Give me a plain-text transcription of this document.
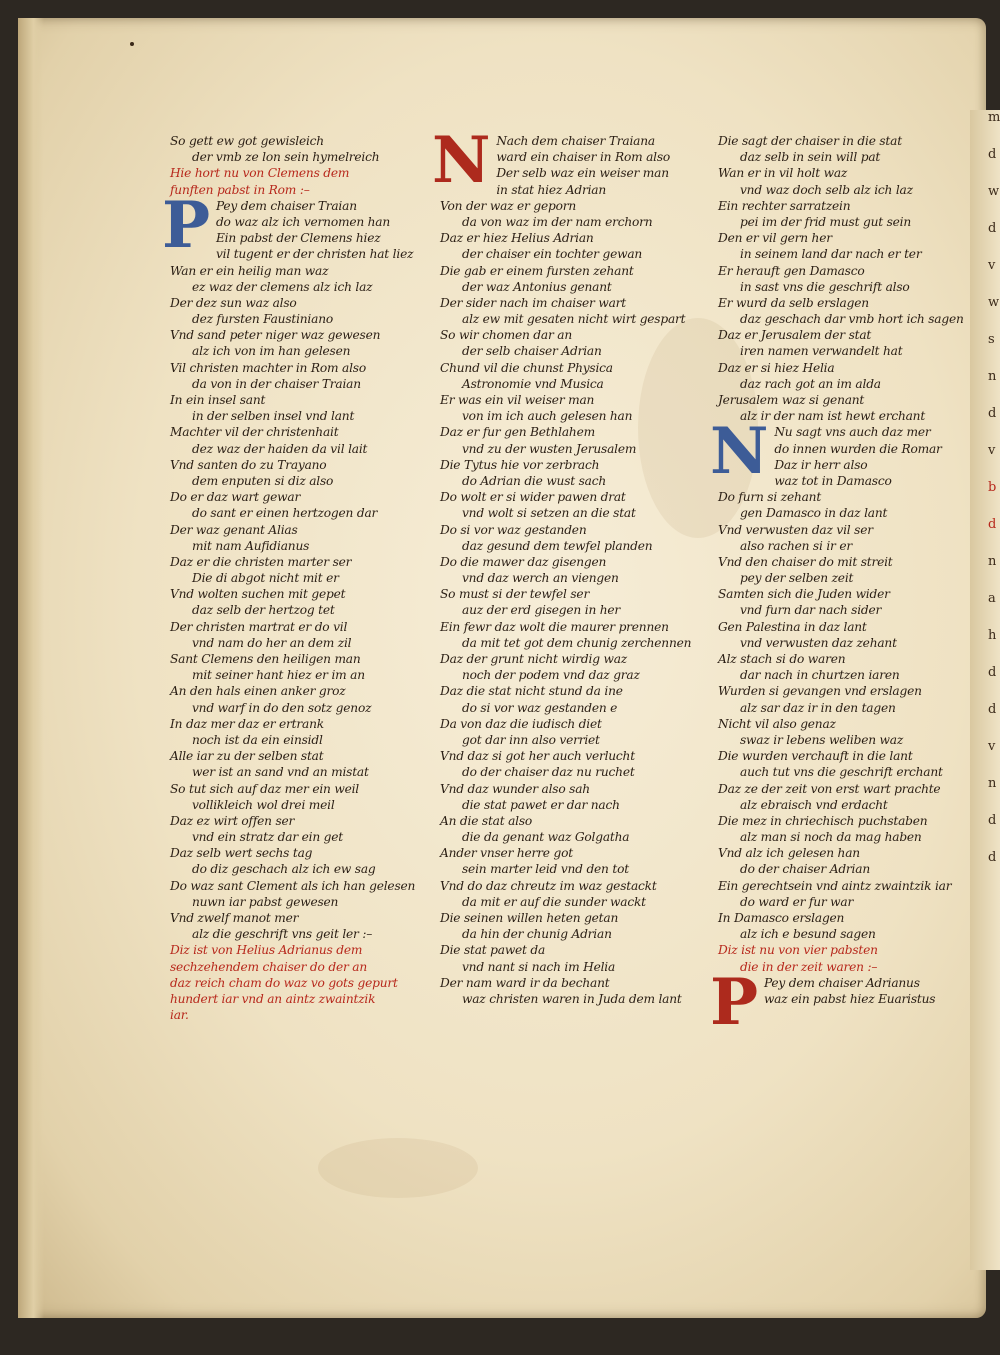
m
d
w
d
v
w
s
n
d
v
b
d
n
a
h
d
d
v
n
d
d
So gett ew got gewisleich
der vmb ze lon sein hymelreich
Hie hort nu von Clemens dem
funften pabst in Rom :–
P Pey dem chaiser Traian
do waz alz ich vernomen han
Ein pabst der Clemens hiez
vil tugent er der christen hat liez
Wan er ein heilig man waz
ez waz der clemens alz ich laz
Der dez sun waz also
dez fursten Faustiniano
Vnd sand peter niger waz gewesen
alz ich von im han gelesen
Vil christen machter in Rom also
da von in der chaiser Traian
In ein insel sant
in der selben insel vnd lant
Machter vil der christenhait
dez waz der haiden da vil lait
Vnd santen do zu Trayano
dem enputen si diz also
Do er daz wart gewar
do sant er einen hertzogen dar
Der waz genant Alias
mit nam Aufidianus
Daz er die christen marter ser
Die di abgot nicht mit er
Vnd wolten suchen mit gepet
daz selb der hertzog tet
Der christen martrat er do vil
vnd nam do her an dem zil
Sant Clemens den heiligen man
mit seiner hant hiez er im an
An den hals einen anker groz
vnd warf in do den sotz genoz
In daz mer daz er ertrank
noch ist da ein einsidl
Alle iar zu der selben stat
wer ist an sand vnd an mistat
So tut sich auf daz mer ein weil
vollikleich wol drei meil
Daz ez wirt offen ser
vnd ein stratz dar ein get
Daz selb wert sechs tag
do diz geschach alz ich ew sag
Do waz sant Clement als ich han gelesen
nuwn iar pabst gewesen
Vnd zwelf manot mer
alz die geschrift vns geit ler :–
Diz ist von Helius Adrianus dem
sechzehendem chaiser do der an
daz reich cham do waz vo gots gepurt
hundert iar vnd an aintz zwaintzik
iar.
N Nach dem chaiser Traiana
ward ein chaiser in Rom also
Der selb waz ein weiser man
in stat hiez Adrian
Von der waz er geporn
da von waz im der nam erchorn
Daz er hiez Helius Adrian
der chaiser ein tochter gewan
Die gab er einem fursten zehant
der waz Antonius genant
Der sider nach im chaiser wart
alz ew mit gesaten nicht wirt gespart
So wir chomen dar an
der selb chaiser Adrian
Chund vil die chunst Physica
Astronomie vnd Musica
Er was ein vil weiser man
von im ich auch gelesen han
Daz er fur gen Bethlahem
vnd zu der wusten Jerusalem
Die Tytus hie vor zerbrach
do Adrian die wust sach
Do wolt er si wider pawen drat
vnd wolt si setzen an die stat
Do si vor waz gestanden
daz gesund dem tewfel planden
Do die mawer daz gisengen
vnd daz werch an viengen
So must si der tewfel ser
auz der erd gisegen in her
Ein fewr daz wolt die maurer prennen
da mit tet got dem chunig zerchennen
Daz der grunt nicht wirdig waz
noch der podem vnd daz graz
Daz die stat nicht stund da ine
do si vor waz gestanden e
Da von daz die iudisch diet
got dar inn also verriet
Vnd daz si got her auch verlucht
do der chaiser daz nu ruchet
Vnd daz wunder also sah
die stat pawet er dar nach
An die stat also
die da genant waz Golgatha
Ander vnser herre got
sein marter leid vnd den tot
Vnd do daz chreutz im waz gestackt
da mit er auf die sunder wackt
Die seinen willen heten getan
da hin der chunig Adrian
Die stat pawet da
vnd nant si nach im Helia
Der nam ward ir da bechant
waz christen waren in Juda dem lant
Die sagt der chaiser in die stat
daz selb in sein will pat
Wan er in vil holt waz
vnd waz doch selb alz ich laz
Ein rechter sarratzein
pei im der frid must gut sein
Den er vil gern her
in seinem land dar nach er ter
Er herauft gen Damasco
in sast vns die geschrift also
Er wurd da selb erslagen
daz geschach dar vmb hort ich sagen
Daz er Jerusalem der stat
iren namen verwandelt hat
Daz er si hiez Helia
daz rach got an im alda
Jerusalem waz si genant
alz ir der nam ist hewt erchant
N Nu sagt vns auch daz mer
do innen wurden die Romar
Daz ir herr also
waz tot in Damasco
Do furn si zehant
gen Damasco in daz lant
Vnd verwusten daz vil ser
also rachen si ir er
Vnd den chaiser do mit streit
pey der selben zeit
Samten sich die Juden wider
vnd furn dar nach sider
Gen Palestina in daz lant
vnd verwusten daz zehant
Alz stach si do waren
dar nach in churtzen iaren
Wurden si gevangen vnd erslagen
alz sar daz ir in den tagen
Nicht vil also genaz
swaz ir lebens weliben waz
Die wurden verchauft in die lant
auch tut vns die geschrift erchant
Daz ze der zeit von erst wart prachte
alz ebraisch vnd erdacht
Die mez in chriechisch puchstaben
alz man si noch da mag haben
Vnd alz ich gelesen han
do der chaiser Adrian
Ein gerechtsein vnd aintz zwaintzik iar
do ward er fur war
In Damasco erslagen
alz ich e besund sagen
Diz ist nu von vier pabsten
die in der zeit waren :–
P Pey dem chaiser Adrianus
waz ein pabst hiez Euaristus
